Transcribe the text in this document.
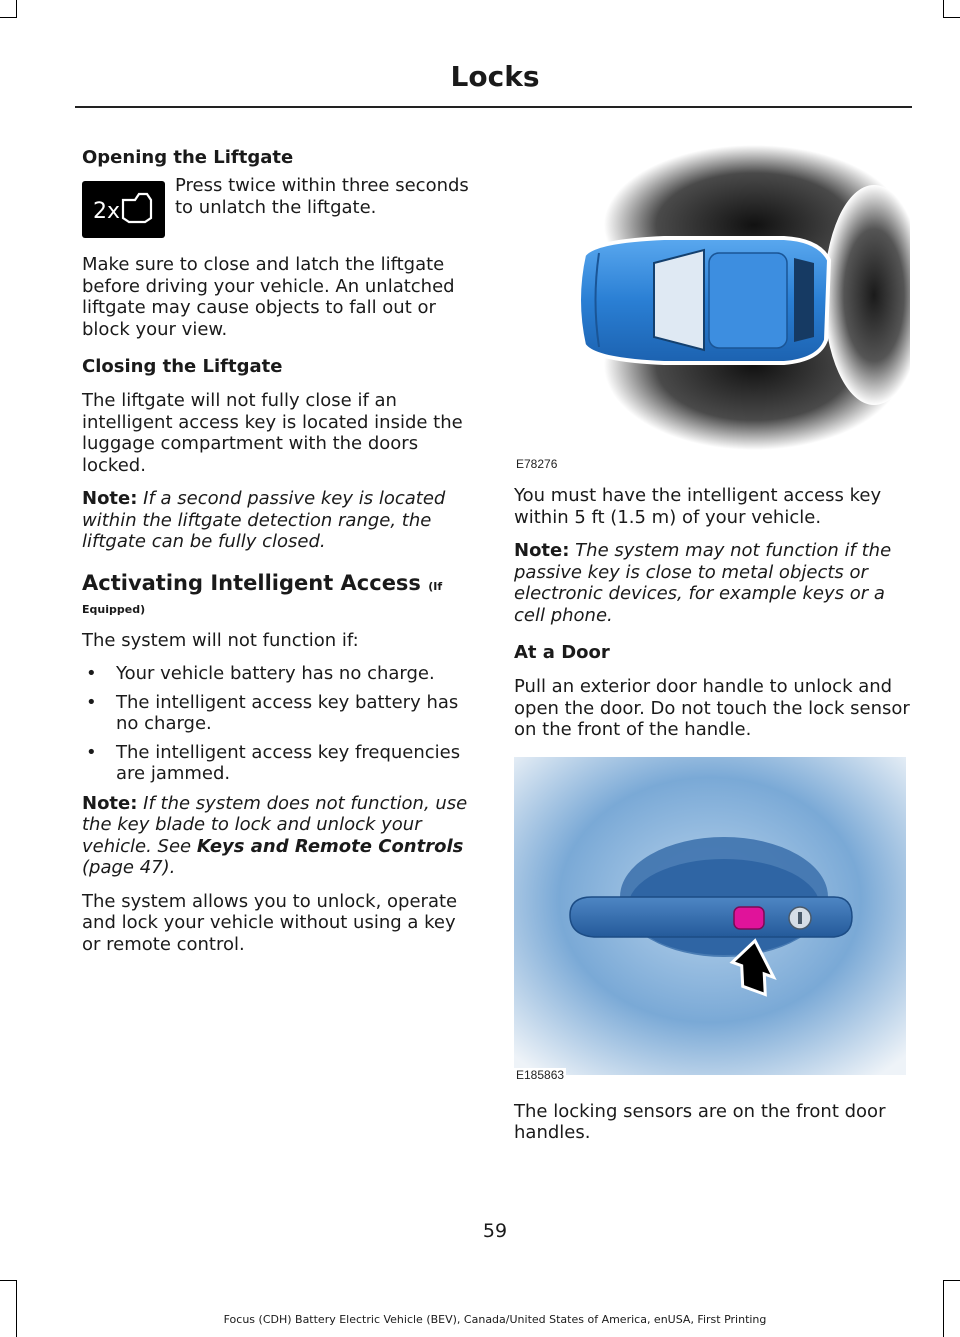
Locks
Opening the Liftgate
2x
Press twice within three seconds to unlatch the liftgate.

Make sure to close and latch the liftgate before driving your vehicle. An unlatched liftgate may cause objects to fall out or block your view.

Closing the Liftgate

The liftgate will not fully close if an intelligent access key is located inside the luggage compartment with the doors locked.

Note: If a second passive key is located within the liftgate detection range, the liftgate can be fully closed.

Activating Intelligent Access (If
Equipped)

The system will not function if:

• Your vehicle battery has no charge.
• The intelligent access key battery has no charge.
• The intelligent access key frequencies are jammed.

Note: If the system does not function, use the key blade to lock and unlock your vehicle. See Keys and Remote Controls (page 47).

The system allows you to unlock, operate and lock your vehicle without using a key or remote control.

E78276

You must have the intelligent access key within 5 ft (1.5 m) of your vehicle.

Note: The system may not function if the passive key is close to metal objects or electronic devices, for example keys or a cell phone.

At a Door

Pull an exterior door handle to unlock and open the door. Do not touch the lock sensor on the front of the handle.

E185863

The locking sensors are on the front door handles.

59
Focus (CDH) Battery Electric Vehicle (BEV), Canada/United States of America, enUSA, First Printing
